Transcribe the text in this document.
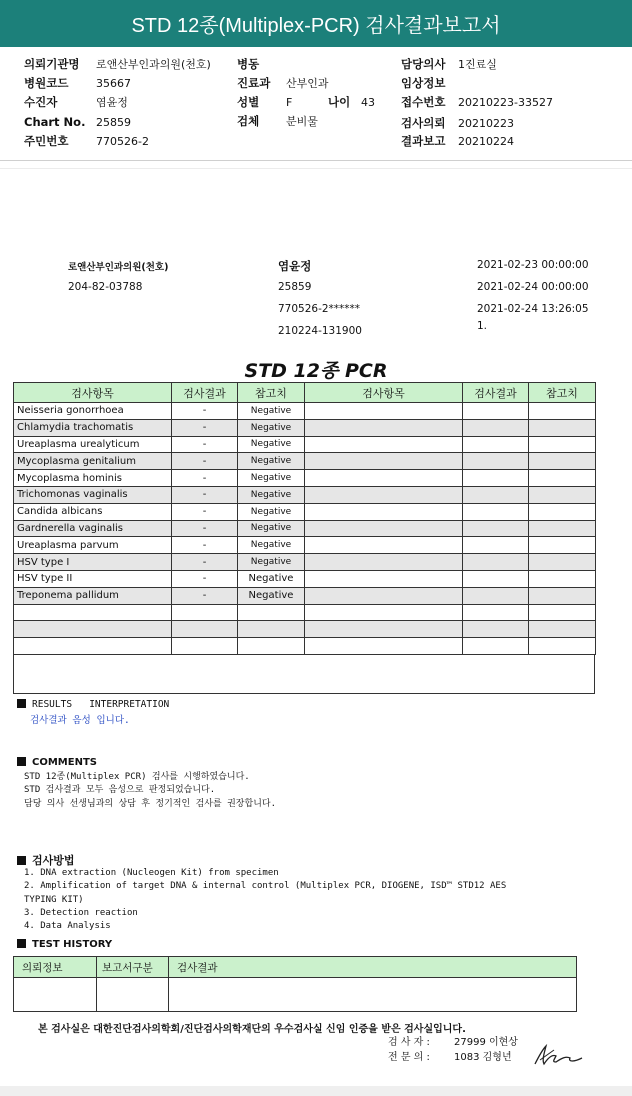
STD 12종(Multiplex-PCR) 검사결과보고서
의뢰기관명 로앤산부인과의원(천호)
병원코드	35667
수진자	염윤정
Chart No. 25859
주민번호	770526-2
병동
진료과 산부인과
성별 F	나이 43
검체 분비물
담당의사 1진료실
임상정보
접수번호 20210223-33527
검사의뢰 20210223
결과보고 20210224
로앤산부인과의원(천호)
204-82-03788
염윤정
25859
770526-2******
210224-131900
2021-02-23 00:00:00
2021-02-24 00:00:00
2021-02-24 13:26:05
1.
STD 12종 PCR
검사항목	검사결과	참고치	검사항목	검사결과	참고치
Neisseria gonorrhoea	-	Negative			
Chlamydia trachomatis	-	Negative			
Ureaplasma urealyticum	-	Negative			
Mycoplasma genitalium	-	Negative			
Mycoplasma hominis	-	Negative			
Trichomonas vaginalis	-	Negative			
Candida albicans	-	Negative			
Gardnerella vaginalis	-	Negative			
Ureaplasma parvum	-	Negative			
HSV type I	-	Negative			
HSV type II	-	Negative			
Treponema pallidum	-	Negative			

RESULTS   INTERPRETATION
검사결과 음성 입니다.
COMMENTS
STD 12종(Multiplex PCR) 검사를 시행하였습니다.
STD 검사결과 모두 음성으로 판정되었습니다.
담당 의사 선생님과의 상담 후 정기적인 검사를 권장합니다.
검사방법
1. DNA extraction (Nucleogen Kit) from specimen
2. Amplification of target DNA & internal control (Multiplex PCR, DIOGENE, ISD™ STD12 AES
TYPING KIT)
3. Detection reaction
4. Data Analysis
TEST HISTORY
의뢰정보	보고서구분	검사결과

본 검사실은 대한진단검사의학회/진단검사의학재단의 우수검사실 신임 인증을 받은 검사실입니다.
검 사 자 : 27999 이현상
전 문 의 : 1083 김형년
